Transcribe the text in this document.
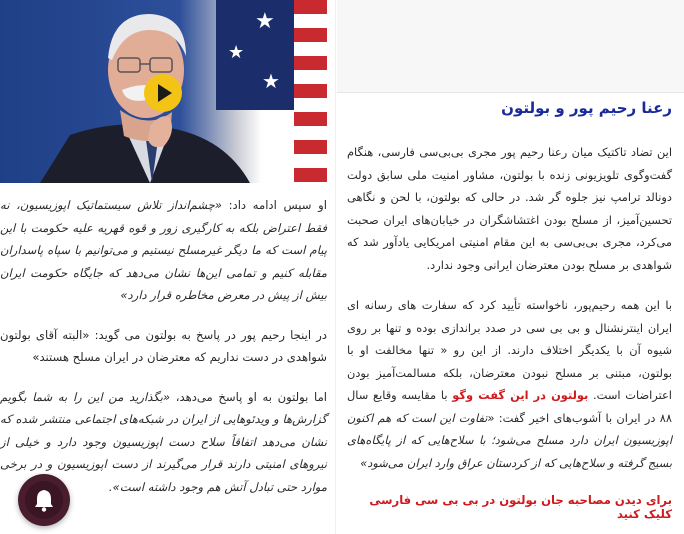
★
★
★

او سپس ادامه داد: «چشم‌انداز تلاش سیستماتیک اپوزیسیون، نه فقط اعتراض بلکه به کارگیری زور و قوه قهریه علیه حکومت با این پیام است که ما دیگر غیرمسلح نیستیم و می‌توانیم با سپاه پاسداران مقابله کنیم و تمامی این‌ها نشان می‌دهد که جایگاه حکومت ایران بیش از پیش در معرض مخاطره قرار دارد»

در اینجا رحیم پور در پاسخ به بولتون می گوید: «البته آقای بولتون شواهدی در دست نداریم که معترضان در ایران مسلح هستند»

اما بولتون به او پاسخ می‌دهد، «بگذارید من این را به شما بگویم گزارش‌ها و ویدئوهایی از ایران در شبکه‌های اجتماعی منتشر شده که نشان می‌دهد اتفاقاً سلاح دست اپوزیسیون وجود دارد و خیلی از نیروهای امنیتی دارند قرار می‌گیرند از دست اپوزیسیون و در برخی موارد حتی تبادل آتش هم وجود داشته است».

رعنا رحیم پور و بولتون

این تضاد تاکتیک میان رعنا رحیم پور مجری بی‌بی‌سی فارسی، هنگام گفت‌وگوی تلویزیونی زنده با بولتون، مشاور امنیت ملی سابق دولت دونالد ترامپ نیز جلوه گر شد. در حالی که بولتون، با لحن و نگاهی تحسین‌آمیز، از مسلح بودن اغتشاشگران در خیابان‌های ایران صحبت می‌کرد، مجری بی‌بی‌سی به این مقام امنیتی امریکایی یادآور شد که شواهدی بر مسلح بودن معترضان ایرانی وجود ندارد.

با این همه رحیم‌پور، ناخواسته تأیید کرد که سفارت های رسانه ای ایران اینترنشنال و بی بی سی در صدد براندازی بوده و تنها بر روی شیوه آن با یکدیگر اختلاف دارند. از این رو « تنها مخالفت او با بولتون، مبتنی بر مسلح نبودن معترضان، بلکه مسالمت‌آمیز بودن اعتراضات است. بولتون در این گفت وگو با مقایسه وقایع سال ۸۸ در ایران با آشوب‌های اخیر گفت: «تفاوت این است که هم اکنون اپوزیسیون ایران دارد مسلح می‌شود؛ با سلاح‌هایی که از پایگاه‌های بسیج گرفته و سلاح‌هایی که از کردستان عراق وارد ایران می‌شود»

برای دیدن مصاحبه جان بولتون در بی بی سی فارسی کلیک کنید
